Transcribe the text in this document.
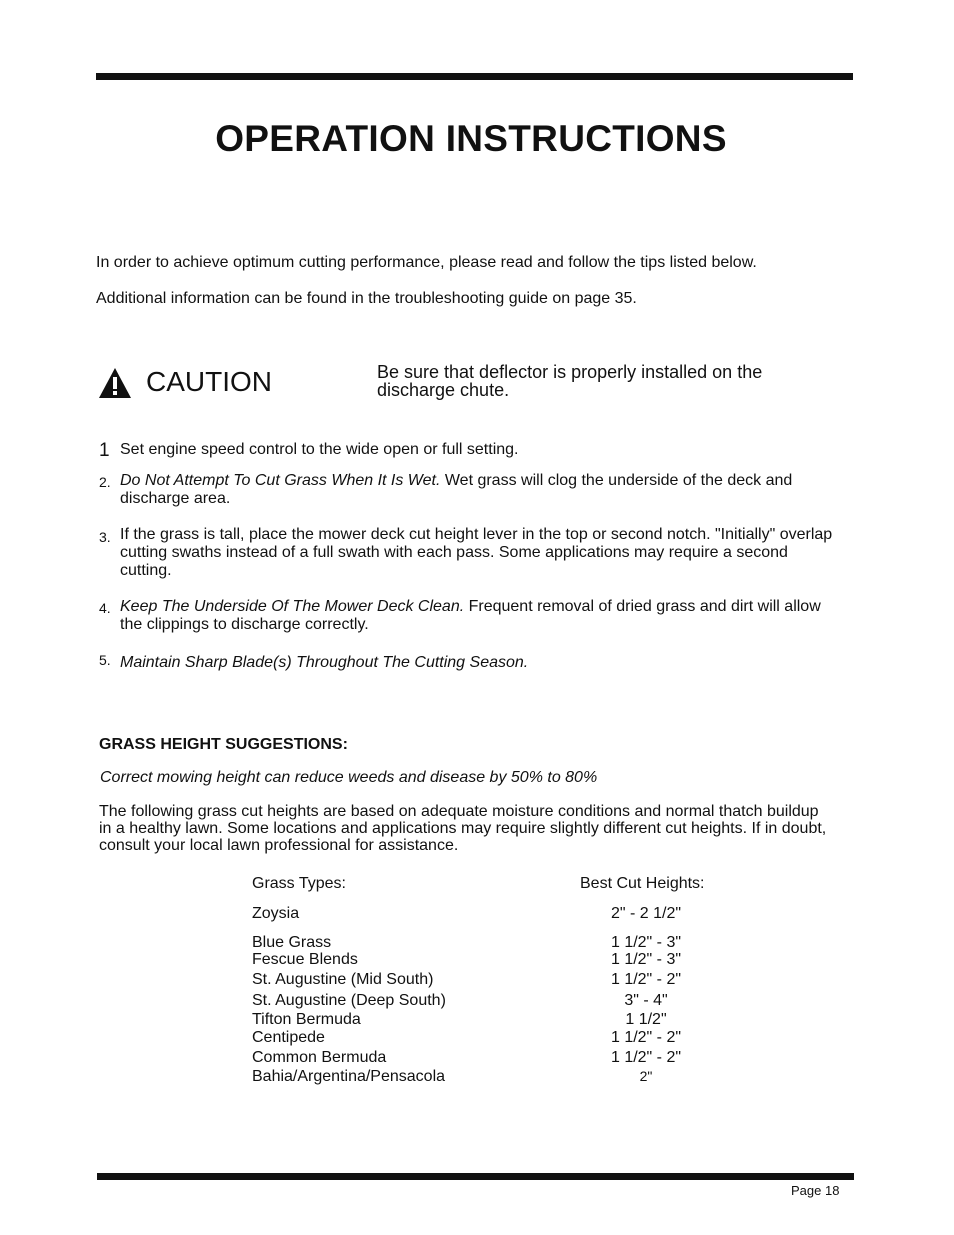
OPERATION INSTRUCTIONS
In order to achieve optimum cutting performance, please read and follow the tips listed below.
Additional information can be found in the troubleshooting guide on page 35.
CAUTION	Be sure that deflector is properly installed on the discharge chute.
1 Set engine speed control to the wide open or full setting.
2. Do Not Attempt To Cut Grass When It Is Wet. Wet grass will clog the underside of the deck and discharge area.
3. If the grass is tall, place the mower deck cut height lever in the top or second notch. "Initially" overlap cutting swaths instead of a full swath with each pass. Some applications may require a second cutting.
4. Keep The Underside Of The Mower Deck Clean. Frequent removal of dried grass and dirt will allow the clippings to discharge correctly.
5. Maintain Sharp Blade(s) Throughout The Cutting Season.
GRASS HEIGHT SUGGESTIONS:
Correct mowing height can reduce weeds and disease by 50% to 80%
The following grass cut heights are based on adequate moisture conditions and normal thatch buildup in a healthy lawn. Some locations and applications may require slightly different cut heights. If in doubt, consult your local lawn professional for assistance.
Grass Types:	Best Cut Heights:
Zoysia	2" - 2 1/2"
Blue Grass	1 1/2" - 3"
Fescue Blends	1 1/2" - 3"
St. Augustine (Mid South)	1 1/2" - 2"
St. Augustine (Deep South)	3" - 4"
Tifton Bermuda	1 1/2"
Centipede	1 1/2" - 2"
Common Bermuda	1 1/2" - 2"
Bahia/Argentina/Pensacola	2"
Page 18
